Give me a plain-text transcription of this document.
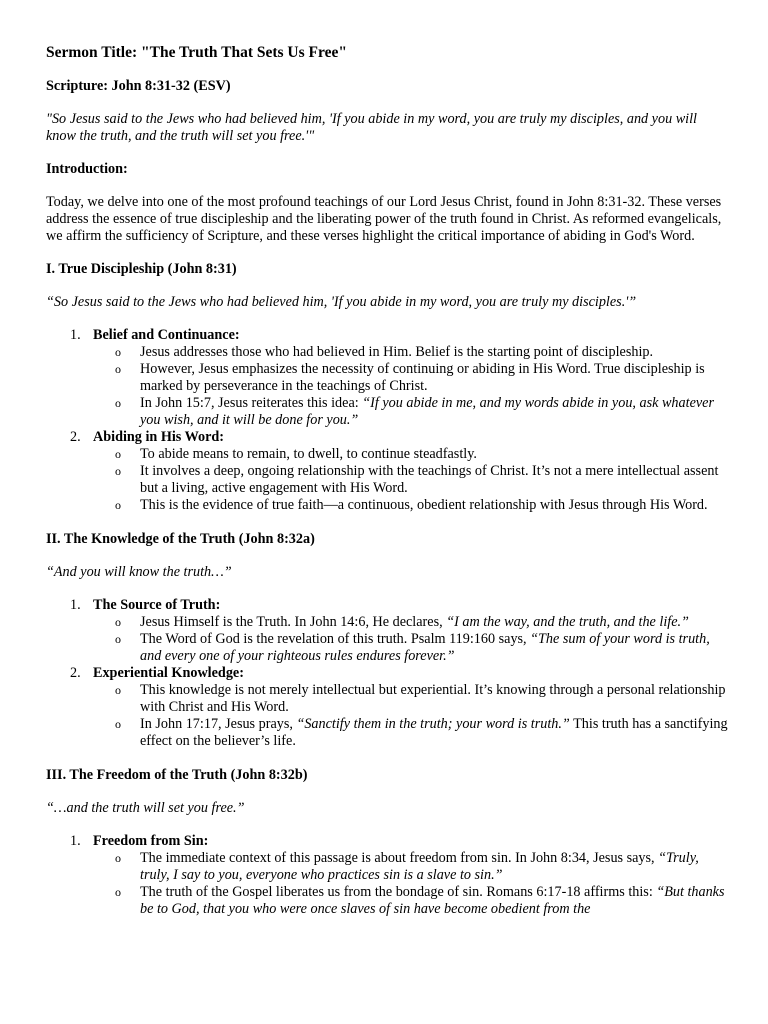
Sermon Title: "The Truth That Sets Us Free"
Scripture: John 8:31-32 (ESV)
"So Jesus said to the Jews who had believed him, 'If you abide in my word, you are truly my disciples, and you will know the truth, and the truth will set you free.'"
Introduction:
Today, we delve into one of the most profound teachings of our Lord Jesus Christ, found in John 8:31-32. These verses address the essence of true discipleship and the liberating power of the truth found in Christ. As reformed evangelicals, we affirm the sufficiency of Scripture, and these verses highlight the critical importance of abiding in God's Word.
I. True Discipleship (John 8:31)
“So Jesus said to the Jews who had believed him, 'If you abide in my word, you are truly my disciples.'”
1. Belief and Continuance:
o Jesus addresses those who had believed in Him. Belief is the starting point of discipleship.
o However, Jesus emphasizes the necessity of continuing or abiding in His Word. True discipleship is marked by perseverance in the teachings of Christ.
o In John 15:7, Jesus reiterates this idea: “If you abide in me, and my words abide in you, ask whatever you wish, and it will be done for you.”
2. Abiding in His Word:
o To abide means to remain, to dwell, to continue steadfastly.
o It involves a deep, ongoing relationship with the teachings of Christ. It’s not a mere intellectual assent but a living, active engagement with His Word.
o This is the evidence of true faith—a continuous, obedient relationship with Jesus through His Word.
II. The Knowledge of the Truth (John 8:32a)
“And you will know the truth…”
1. The Source of Truth:
o Jesus Himself is the Truth. In John 14:6, He declares, “I am the way, and the truth, and the life.”
o The Word of God is the revelation of this truth. Psalm 119:160 says, “The sum of your word is truth, and every one of your righteous rules endures forever.”
2. Experiential Knowledge:
o This knowledge is not merely intellectual but experiential. It’s knowing through a personal relationship with Christ and His Word.
o In John 17:17, Jesus prays, “Sanctify them in the truth; your word is truth.” This truth has a sanctifying effect on the believer’s life.
III. The Freedom of the Truth (John 8:32b)
“…and the truth will set you free.”
1. Freedom from Sin:
o The immediate context of this passage is about freedom from sin. In John 8:34, Jesus says, “Truly, truly, I say to you, everyone who practices sin is a slave to sin.”
o The truth of the Gospel liberates us from the bondage of sin. Romans 6:17-18 affirms this: “But thanks be to God, that you who were once slaves of sin have become obedient from the
